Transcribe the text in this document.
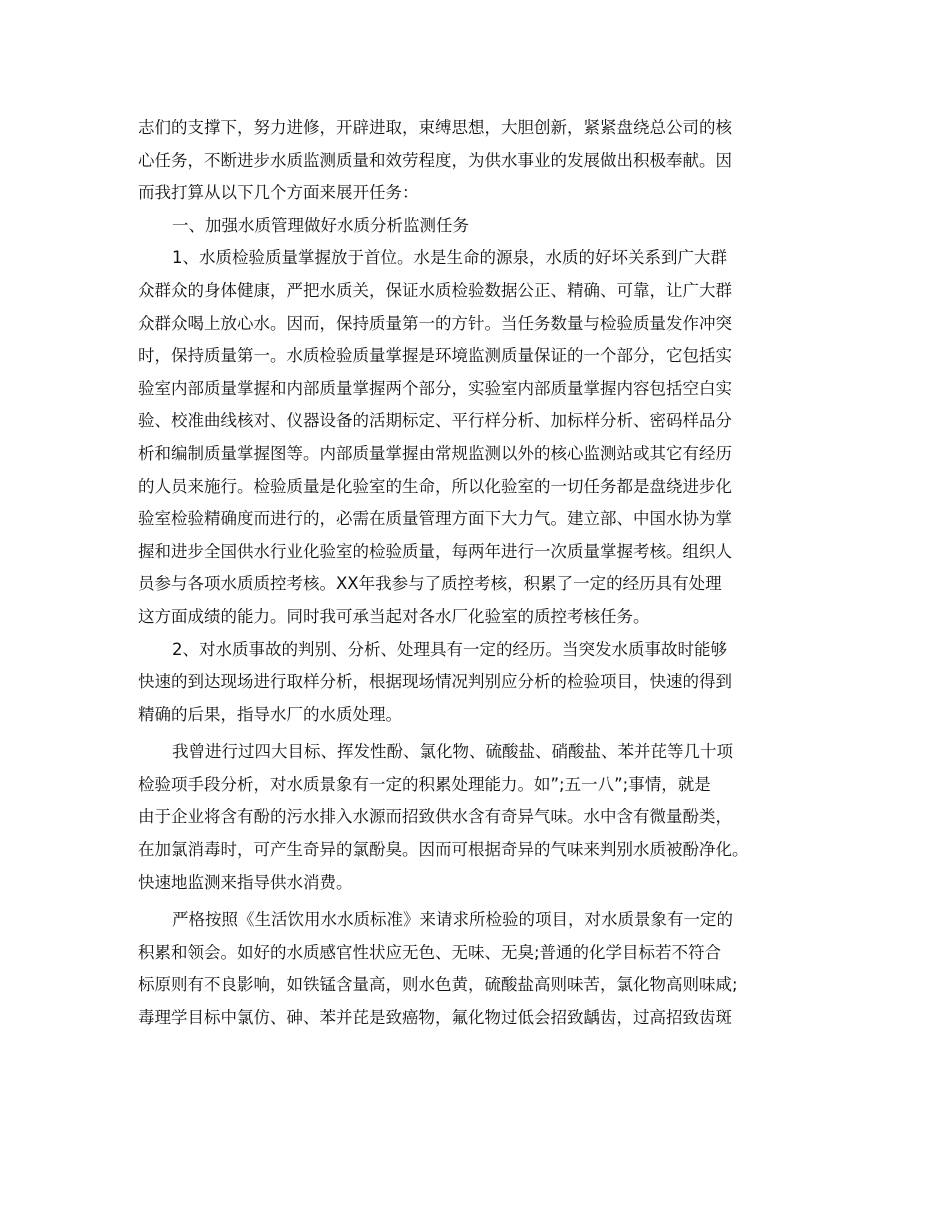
志们的支撑下，努力进修，开辟进取，束缚思想，大胆创新，紧紧盘绕总公司的核
心任务，不断进步水质监测质量和效劳程度，为供水事业的发展做出积极奉献。因
而我打算从以下几个方面来展开任务：
一、加强水质管理做好水质分析监测任务
1、水质检验质量掌握放于首位。水是生命的源泉，水质的好坏关系到广大群
众群众的身体健康，严把水质关，保证水质检验数据公正、精确、可靠，让广大群
众群众喝上放心水。因而，保持质量第一的方针。当任务数量与检验质量发作冲突
时，保持质量第一。水质检验质量掌握是环境监测质量保证的一个部分，它包括实
验室内部质量掌握和内部质量掌握两个部分，实验室内部质量掌握内容包括空白实
验、校准曲线核对、仪器设备的活期标定、平行样分析、加标样分析、密码样品分
析和编制质量掌握图等。内部质量掌握由常规监测以外的核心监测站或其它有经历
的人员来施行。检验质量是化验室的生命，所以化验室的一切任务都是盘绕进步化
验室检验精确度而进行的，必需在质量管理方面下大力气。建立部、中国水协为掌
握和进步全国供水行业化验室的检验质量，每两年进行一次质量掌握考核。组织人
员参与各项水质质控考核。XX年我参与了质控考核，积累了一定的经历具有处理
这方面成绩的能力。同时我可承当起对各水厂化验室的质控考核任务。
2、对水质事故的判别、分析、处理具有一定的经历。当突发水质事故时能够
快速的到达现场进行取样分析，根据现场情况判别应分析的检验项目，快速的得到
精确的后果，指导水厂的水质处理。
我曾进行过四大目标、挥发性酚、氯化物、硫酸盐、硝酸盐、苯并芘等几十项
检验项手段分析，对水质景象有一定的积累处理能力。如”;五一八”;事情，就是
由于企业将含有酚的污水排入水源而招致供水含有奇异气味。水中含有微量酚类，
在加氯消毒时，可产生奇异的氯酚臭。因而可根据奇异的气味来判别水质被酚净化。
快速地监测来指导供水消费。
严格按照《生活饮用水水质标准》来请求所检验的项目，对水质景象有一定的
积累和领会。如好的水质感官性状应无色、无味、无臭;普通的化学目标若不符合
标原则有不良影响，如铁锰含量高，则水色黄，硫酸盐高则味苦，氯化物高则味咸;
毒理学目标中氯仿、砷、苯并芘是致癌物，氟化物过低会招致龋齿，过高招致齿斑
